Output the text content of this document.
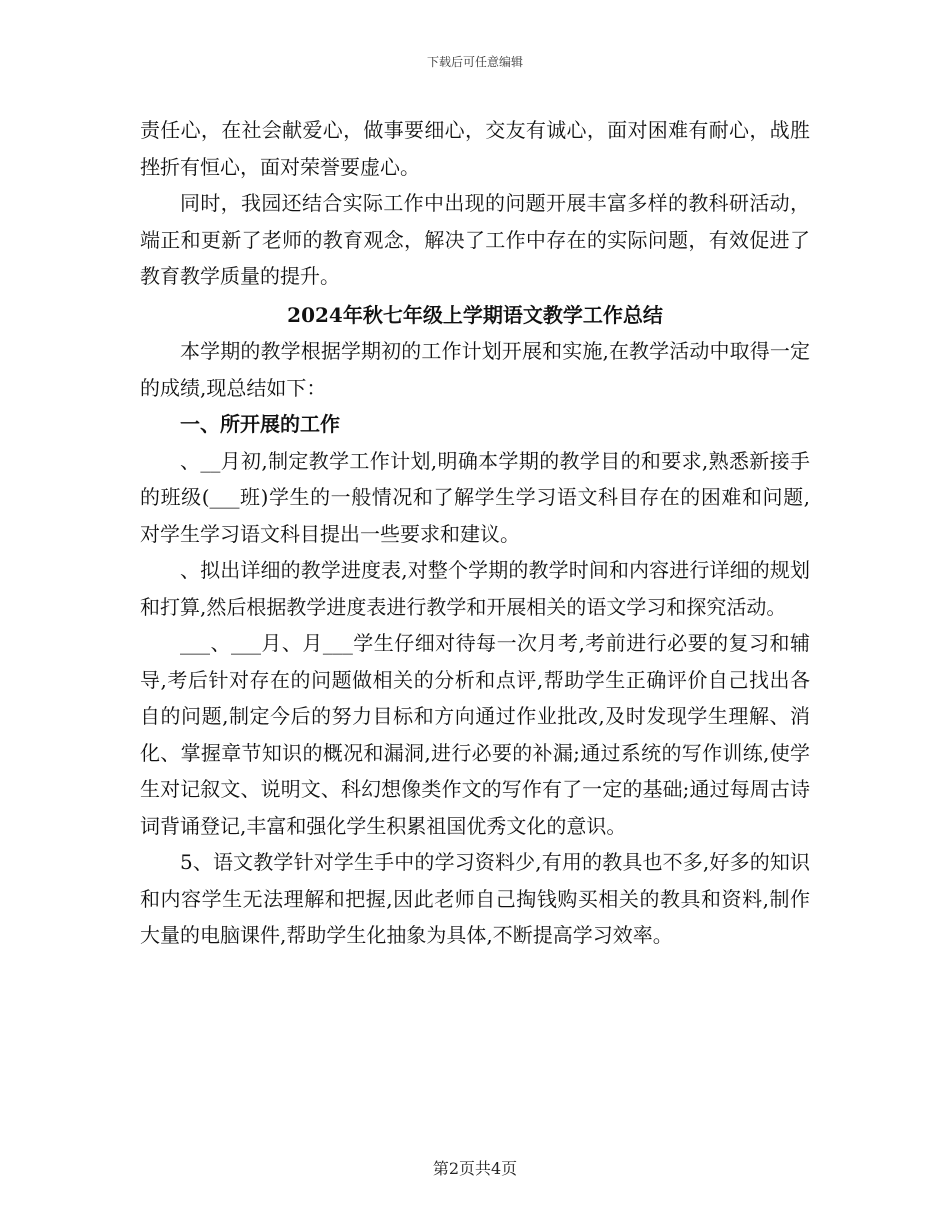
下载后可任意编辑

责任心，在社会献爱心，做事要细心，交友有诚心，面对困难有耐心，战胜挫折有恒心，面对荣誉要虚心。

同时，我园还结合实际工作中出现的问题开展丰富多样的教科研活动，端正和更新了老师的教育观念，解决了工作中存在的实际问题，有效促进了教育教学质量的提升。

2024年秋七年级上学期语文教学工作总结

本学期的教学根据学期初的工作计划开展和实施,在教学活动中取得一定的成绩,现总结如下：

一、所开展的工作

、__月初,制定教学工作计划,明确本学期的教学目的和要求,熟悉新接手的班级(___班)学生的一般情况和了解学生学习语文科目存在的困难和问题,对学生学习语文科目提出一些要求和建议。

、拟出详细的教学进度表,对整个学期的教学时间和内容进行详细的规划和打算,然后根据教学进度表进行教学和开展相关的语文学习和探究活动。

___、___月、月___学生仔细对待每一次月考,考前进行必要的复习和辅导,考后针对存在的问题做相关的分析和点评,帮助学生正确评价自己找出各自的问题,制定今后的努力目标和方向通过作业批改,及时发现学生理解、消化、掌握章节知识的概况和漏洞,进行必要的补漏;通过系统的写作训练,使学生对记叙文、说明文、科幻想像类作文的写作有了一定的基础;通过每周古诗词背诵登记,丰富和强化学生积累祖国优秀文化的意识。

5、语文教学针对学生手中的学习资料少,有用的教具也不多,好多的知识和内容学生无法理解和把握,因此老师自己掏钱购买相关的教具和资料,制作大量的电脑课件,帮助学生化抽象为具体,不断提高学习效率。

第2页共4页
